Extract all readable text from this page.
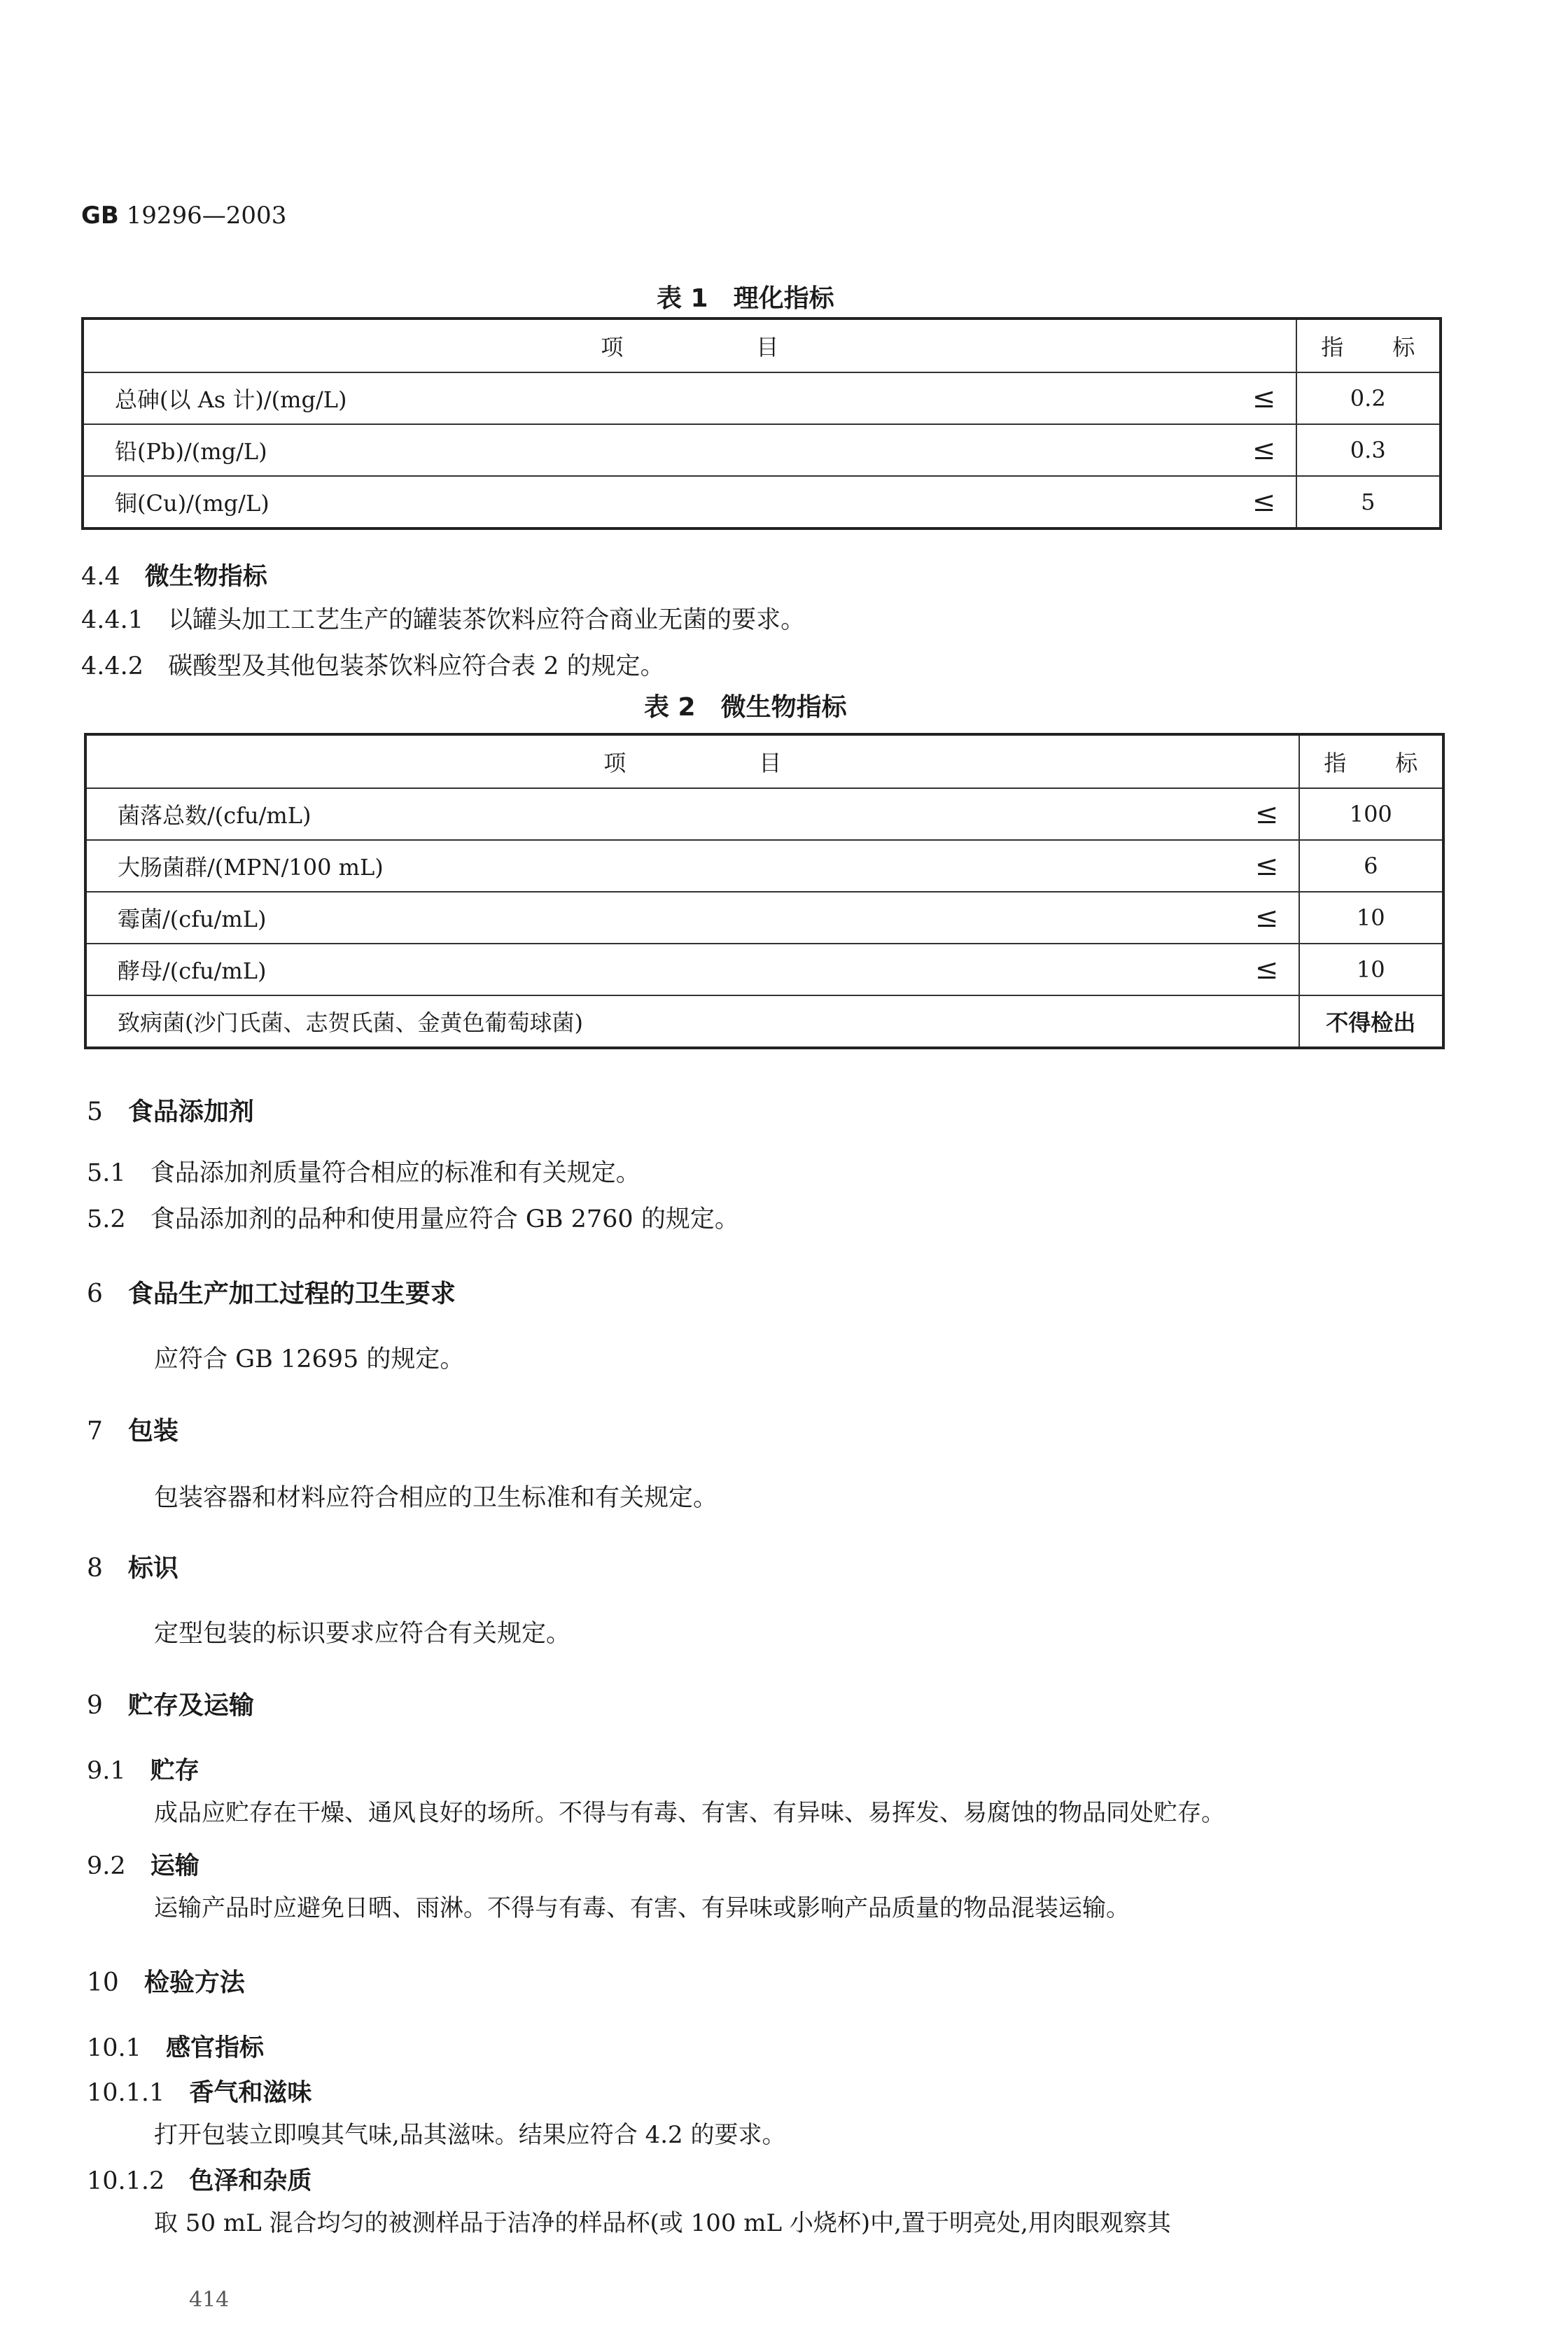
GB 19296—2003
表 1　理化指标
项 目		指 标
总砷(以 As 计)/(mg/L)	≤	0.2
铅(Pb)/(mg/L)	≤	0.3
铜(Cu)/(mg/L)	≤	5
4.4　 微生物指标
4.4.1　 以罐头加工工艺生产的罐装茶饮料应符合商业无菌的要求。
4.4.2　 碳酸型及其他包装茶饮料应符合表 2 的规定。
表 2　微生物指标
项 目		指 标
菌落总数/(cfu/mL)	≤	100
大肠菌群/(MPN/100 mL)	≤	6
霉菌/(cfu/mL)	≤	10
酵母/(cfu/mL)	≤	10
致病菌(沙门氏菌、志贺氏菌、金黄色葡萄球菌)		不得检出
5　 食品添加剂
5.1　 食品添加剂质量符合相应的标准和有关规定。
5.2　 食品添加剂的品种和使用量应符合 GB 2760 的规定。
6　 食品生产加工过程的卫生要求
应符合 GB 12695 的规定。
7　 包装
包装容器和材料应符合相应的卫生标准和有关规定。
8　 标识
定型包装的标识要求应符合有关规定。
9　 贮存及运输
9.1　 贮存
成品应贮存在干燥、通风良好的场所。不得与有毒、有害、有异味、易挥发、易腐蚀的物品同处贮存。
9.2　 运输
运输产品时应避免日晒、雨淋。不得与有毒、有害、有异味或影响产品质量的物品混装运输。
10　 检验方法
10.1　 感官指标
10.1.1　 香气和滋味
打开包装立即嗅其气味,品其滋味。结果应符合 4.2 的要求。
10.1.2　 色泽和杂质
取 50 mL 混合均匀的被测样品于洁净的样品杯(或 100 mL 小烧杯)中,置于明亮处,用肉眼观察其
414
